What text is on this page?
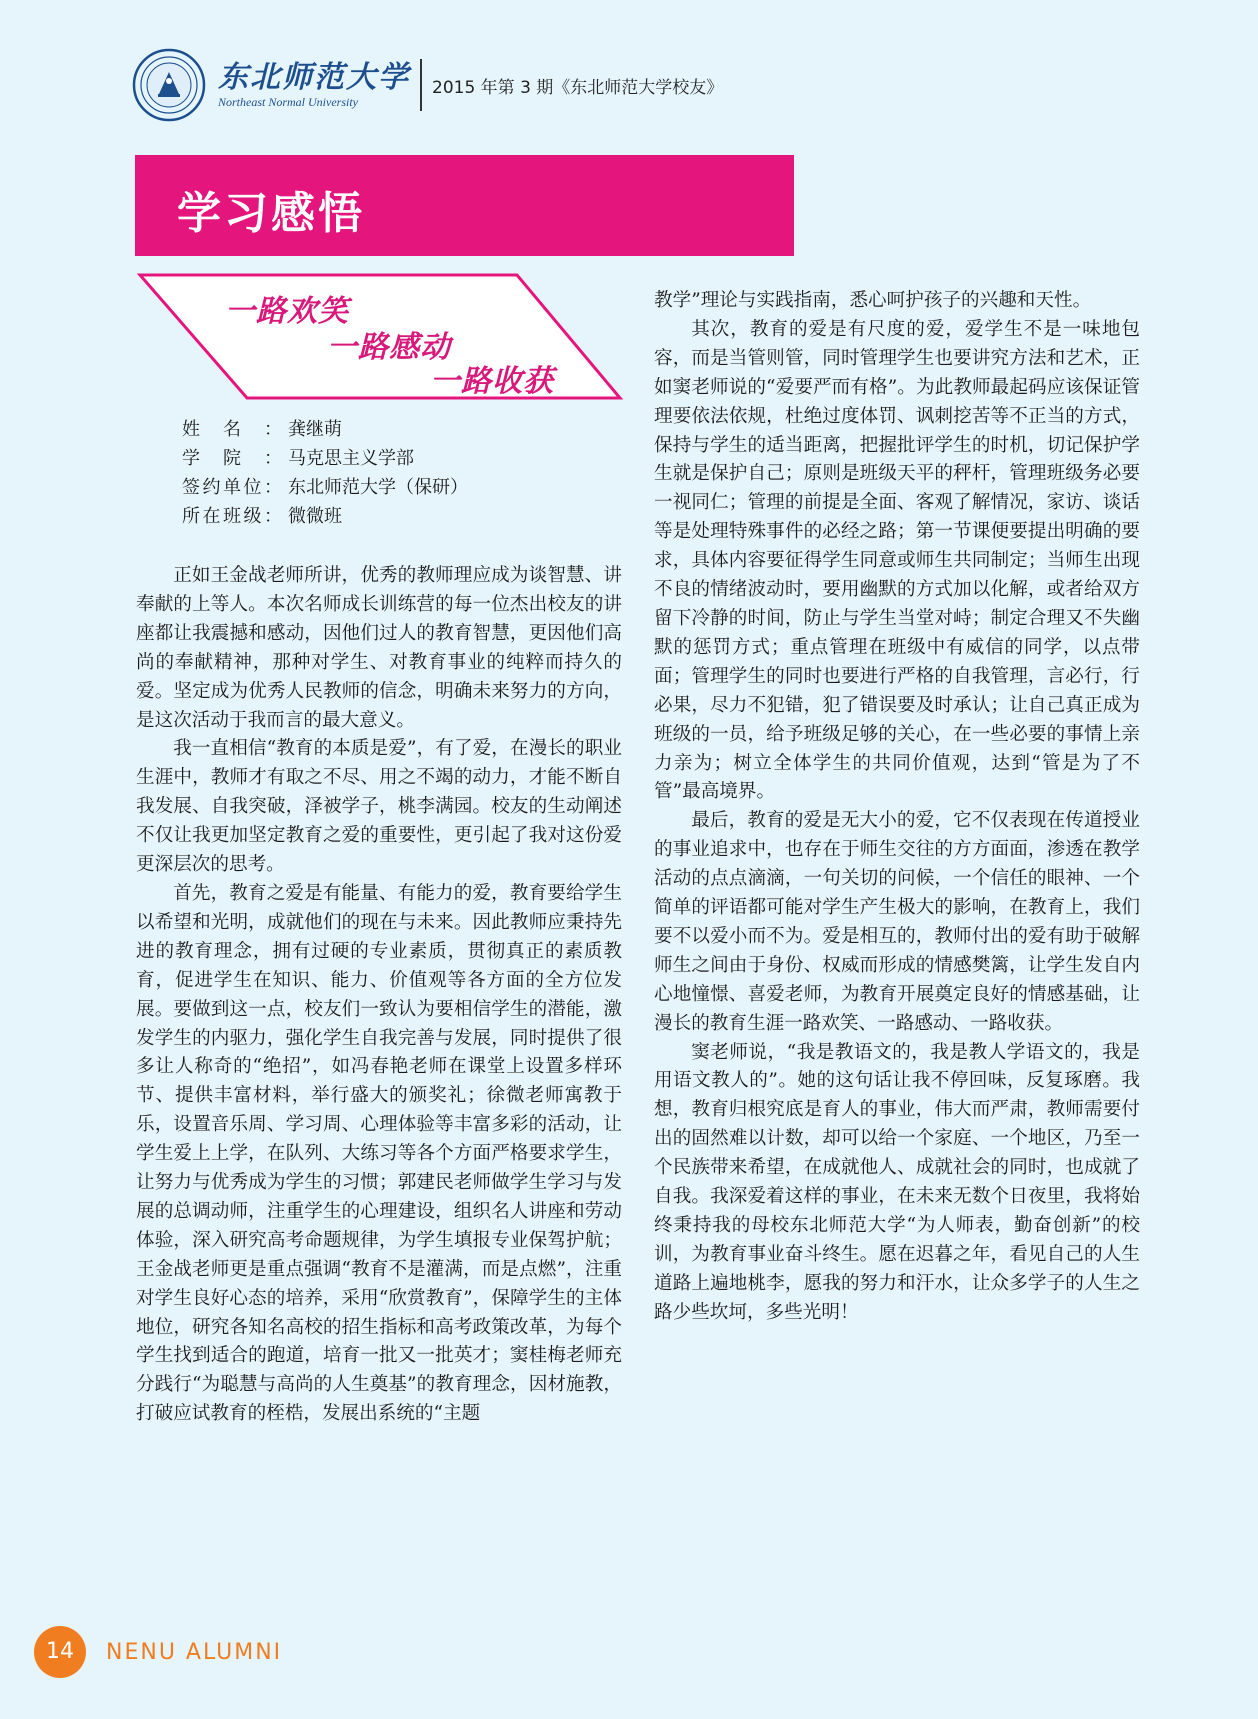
东北师范大学
Northeast Normal University
2015 年第 3 期《东北师范大学校友》
学习感悟
一路欢笑
一路感动
一路收获
姓名： 龚继萌
学院： 马克思主义学部
签约单位： 东北师范大学（保研）
所在班级： 微微班

正如王金战老师所讲，优秀的教师理应成为谈智慧、讲奉献的上等人。本次名师成长训练营的每一位杰出校友的讲座都让我震撼和感动，因他们过人的教育智慧，更因他们高尚的奉献精神，那种对学生、对教育事业的纯粹而持久的爱。坚定成为优秀人民教师的信念，明确未来努力的方向，是这次活动于我而言的最大意义。

我一直相信“教育的本质是爱”，有了爱，在漫长的职业生涯中，教师才有取之不尽、用之不竭的动力，才能不断自我发展、自我突破，泽被学子，桃李满园。校友的生动阐述不仅让我更加坚定教育之爱的重要性，更引起了我对这份爱更深层次的思考。

首先，教育之爱是有能量、有能力的爱，教育要给学生以希望和光明，成就他们的现在与未来。因此教师应秉持先进的教育理念，拥有过硬的专业素质，贯彻真正的素质教育，促进学生在知识、能力、价值观等各方面的全方位发展。要做到这一点，校友们一致认为要相信学生的潜能，激发学生的内驱力，强化学生自我完善与发展，同时提供了很多让人称奇的“绝招”，如冯春艳老师在课堂上设置多样环节、提供丰富材料，举行盛大的颁奖礼；徐微老师寓教于乐，设置音乐周、学习周、心理体验等丰富多彩的活动，让学生爱上上学，在队列、大练习等各个方面严格要求学生，让努力与优秀成为学生的习惯；郭建民老师做学生学习与发展的总调动师，注重学生的心理建设，组织名人讲座和劳动体验，深入研究高考命题规律，为学生填报专业保驾护航；王金战老师更是重点强调“教育不是灌满，而是点燃”，注重对学生良好心态的培养，采用“欣赏教育”，保障学生的主体地位，研究各知名高校的招生指标和高考政策改革，为每个学生找到适合的跑道，培育一批又一批英才；窦桂梅老师充分践行“为聪慧与高尚的人生奠基”的教育理念，因材施教，打破应试教育的桎梏，发展出系统的“主题

教学”理论与实践指南，悉心呵护孩子的兴趣和天性。

其次，教育的爱是有尺度的爱，爱学生不是一味地包容，而是当管则管，同时管理学生也要讲究方法和艺术，正如窦老师说的“爱要严而有格”。为此教师最起码应该保证管理要依法依规，杜绝过度体罚、讽刺挖苦等不正当的方式，保持与学生的适当距离，把握批评学生的时机，切记保护学生就是保护自己；原则是班级天平的秤杆，管理班级务必要一视同仁；管理的前提是全面、客观了解情况，家访、谈话等是处理特殊事件的必经之路；第一节课便要提出明确的要求，具体内容要征得学生同意或师生共同制定；当师生出现不良的情绪波动时，要用幽默的方式加以化解，或者给双方留下冷静的时间，防止与学生当堂对峙；制定合理又不失幽默的惩罚方式；重点管理在班级中有威信的同学，以点带面；管理学生的同时也要进行严格的自我管理，言必行，行必果，尽力不犯错，犯了错误要及时承认；让自己真正成为班级的一员，给予班级足够的关心，在一些必要的事情上亲力亲为；树立全体学生的共同价值观，达到“管是为了不管”最高境界。

最后，教育的爱是无大小的爱，它不仅表现在传道授业的事业追求中，也存在于师生交往的方方面面，渗透在教学活动的点点滴滴，一句关切的问候，一个信任的眼神、一个简单的评语都可能对学生产生极大的影响，在教育上，我们要不以爱小而不为。爱是相互的，教师付出的爱有助于破解师生之间由于身份、权威而形成的情感樊篱，让学生发自内心地憧憬、喜爱老师，为教育开展奠定良好的情感基础，让漫长的教育生涯一路欢笑、一路感动、一路收获。

窦老师说，“我是教语文的，我是教人学语文的，我是用语文教人的”。她的这句话让我不停回味，反复琢磨。我想，教育归根究底是育人的事业，伟大而严肃，教师需要付出的固然难以计数，却可以给一个家庭、一个地区，乃至一个民族带来希望，在成就他人、成就社会的同时，也成就了自我。我深爱着这样的事业，在未来无数个日夜里，我将始终秉持我的母校东北师范大学“为人师表，勤奋创新”的校训，为教育事业奋斗终生。愿在迟暮之年，看见自己的人生道路上遍地桃李，愿我的努力和汗水，让众多学子的人生之路少些坎坷，多些光明！

14	NENU ALUMNI
